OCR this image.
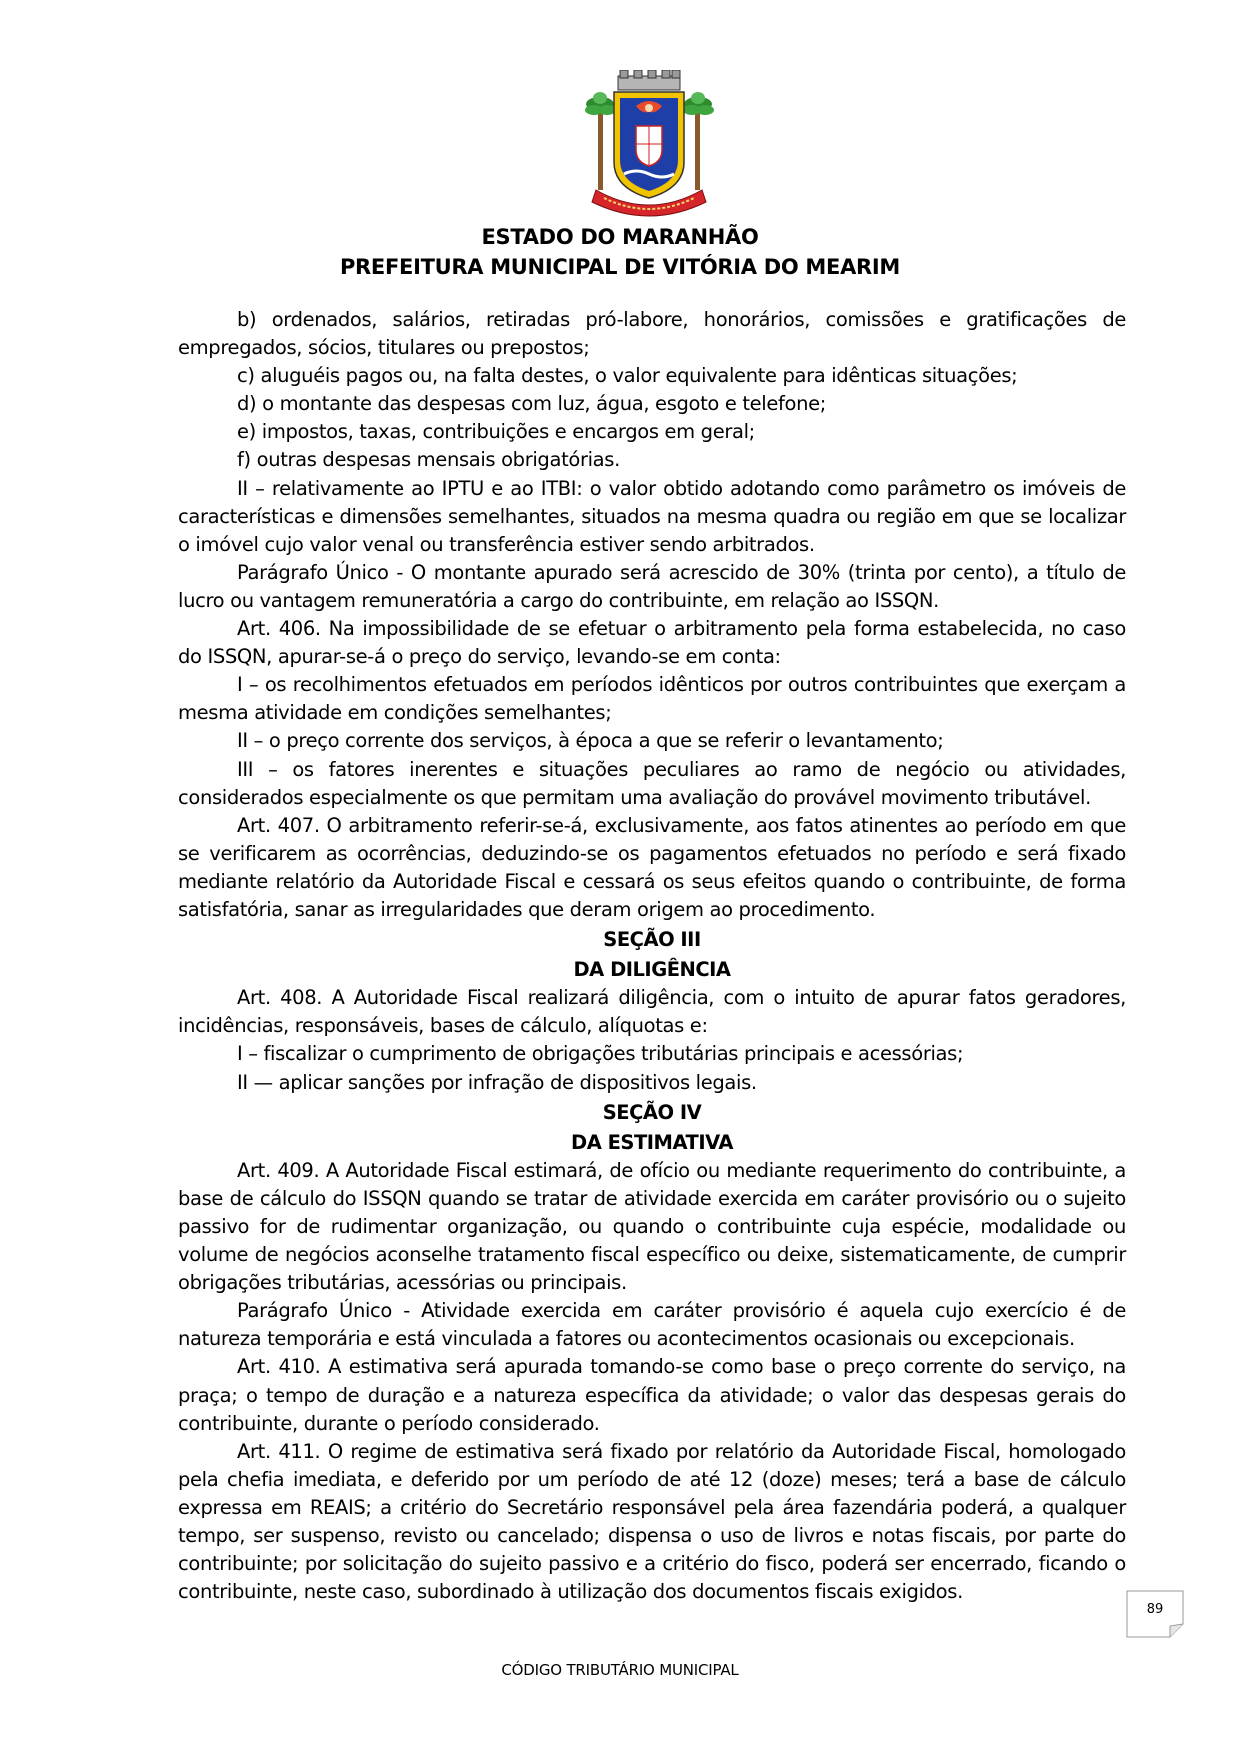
ESTADO DO MARANHÃO
PREFEITURA MUNICIPAL DE VITÓRIA DO MEARIM

b) ordenados, salários, retiradas pró-labore, honorários, comissões e gratificações de empregados, sócios, titulares ou prepostos;

c) aluguéis pagos ou, na falta destes, o valor equivalente para idênticas situações;

d) o montante das despesas com luz, água, esgoto e telefone;

e) impostos, taxas, contribuições e encargos em geral;

f) outras despesas mensais obrigatórias.

II – relativamente ao IPTU e ao ITBI: o valor obtido adotando como parâmetro os imóveis de características e dimensões semelhantes, situados na mesma quadra ou região em que se localizar o imóvel cujo valor venal ou transferência estiver sendo arbitrados.

Parágrafo Único - O montante apurado será acrescido de 30% (trinta por cento), a título de lucro ou vantagem remuneratória a cargo do contribuinte, em relação ao ISSQN.

Art. 406. Na impossibilidade de se efetuar o arbitramento pela forma estabelecida, no caso do ISSQN, apurar-se-á o preço do serviço, levando-se em conta:

I – os recolhimentos efetuados em períodos idênticos por outros contribuintes que exerçam a mesma atividade em condições semelhantes;

II – o preço corrente dos serviços, à época a que se referir o levantamento;

III – os fatores inerentes e situações peculiares ao ramo de negócio ou atividades, considerados especialmente os que permitam uma avaliação do provável movimento tributável.

Art. 407. O arbitramento referir-se-á, exclusivamente, aos fatos atinentes ao período em que se verificarem as ocorrências, deduzindo-se os pagamentos efetuados no período e será fixado mediante relatório da Autoridade Fiscal e cessará os seus efeitos quando o contribuinte, de forma satisfatória, sanar as irregularidades que deram origem ao procedimento.

SEÇÃO III

DA DILIGÊNCIA

Art. 408. A Autoridade Fiscal realizará diligência, com o intuito de apurar fatos geradores, incidências, responsáveis, bases de cálculo, alíquotas e:

I – fiscalizar o cumprimento de obrigações tributárias principais e acessórias;

II — aplicar sanções por infração de dispositivos legais.

SEÇÃO IV

DA ESTIMATIVA

Art. 409. A Autoridade Fiscal estimará, de ofício ou mediante requerimento do contribuinte, a base de cálculo do ISSQN quando se tratar de atividade exercida em caráter provisório ou o sujeito passivo for de rudimentar organização, ou quando o contribuinte cuja espécie, modalidade ou volume de negócios aconselhe tratamento fiscal específico ou deixe, sistematicamente, de cumprir obrigações tributárias, acessórias ou principais.

Parágrafo Único - Atividade exercida em caráter provisório é aquela cujo exercício é de natureza temporária e está vinculada a fatores ou acontecimentos ocasionais ou excepcionais.

Art. 410. A estimativa será apurada tomando-se como base o preço corrente do serviço, na praça; o tempo de duração e a natureza específica da atividade; o valor das despesas gerais do contribuinte, durante o período considerado.

Art. 411. O regime de estimativa será fixado por relatório da Autoridade Fiscal, homologado pela chefia imediata, e deferido por um período de até 12 (doze) meses; terá a base de cálculo expressa em REAIS; a critério do Secretário responsável pela área fazendária poderá, a qualquer tempo, ser suspenso, revisto ou cancelado; dispensa o uso de livros e notas fiscais, por parte do contribuinte; por solicitação do sujeito passivo e a critério do fisco, poderá ser encerrado, ficando o contribuinte, neste caso, subordinado à utilização dos documentos fiscais exigidos.

89
CÓDIGO TRIBUTÁRIO MUNICIPAL
